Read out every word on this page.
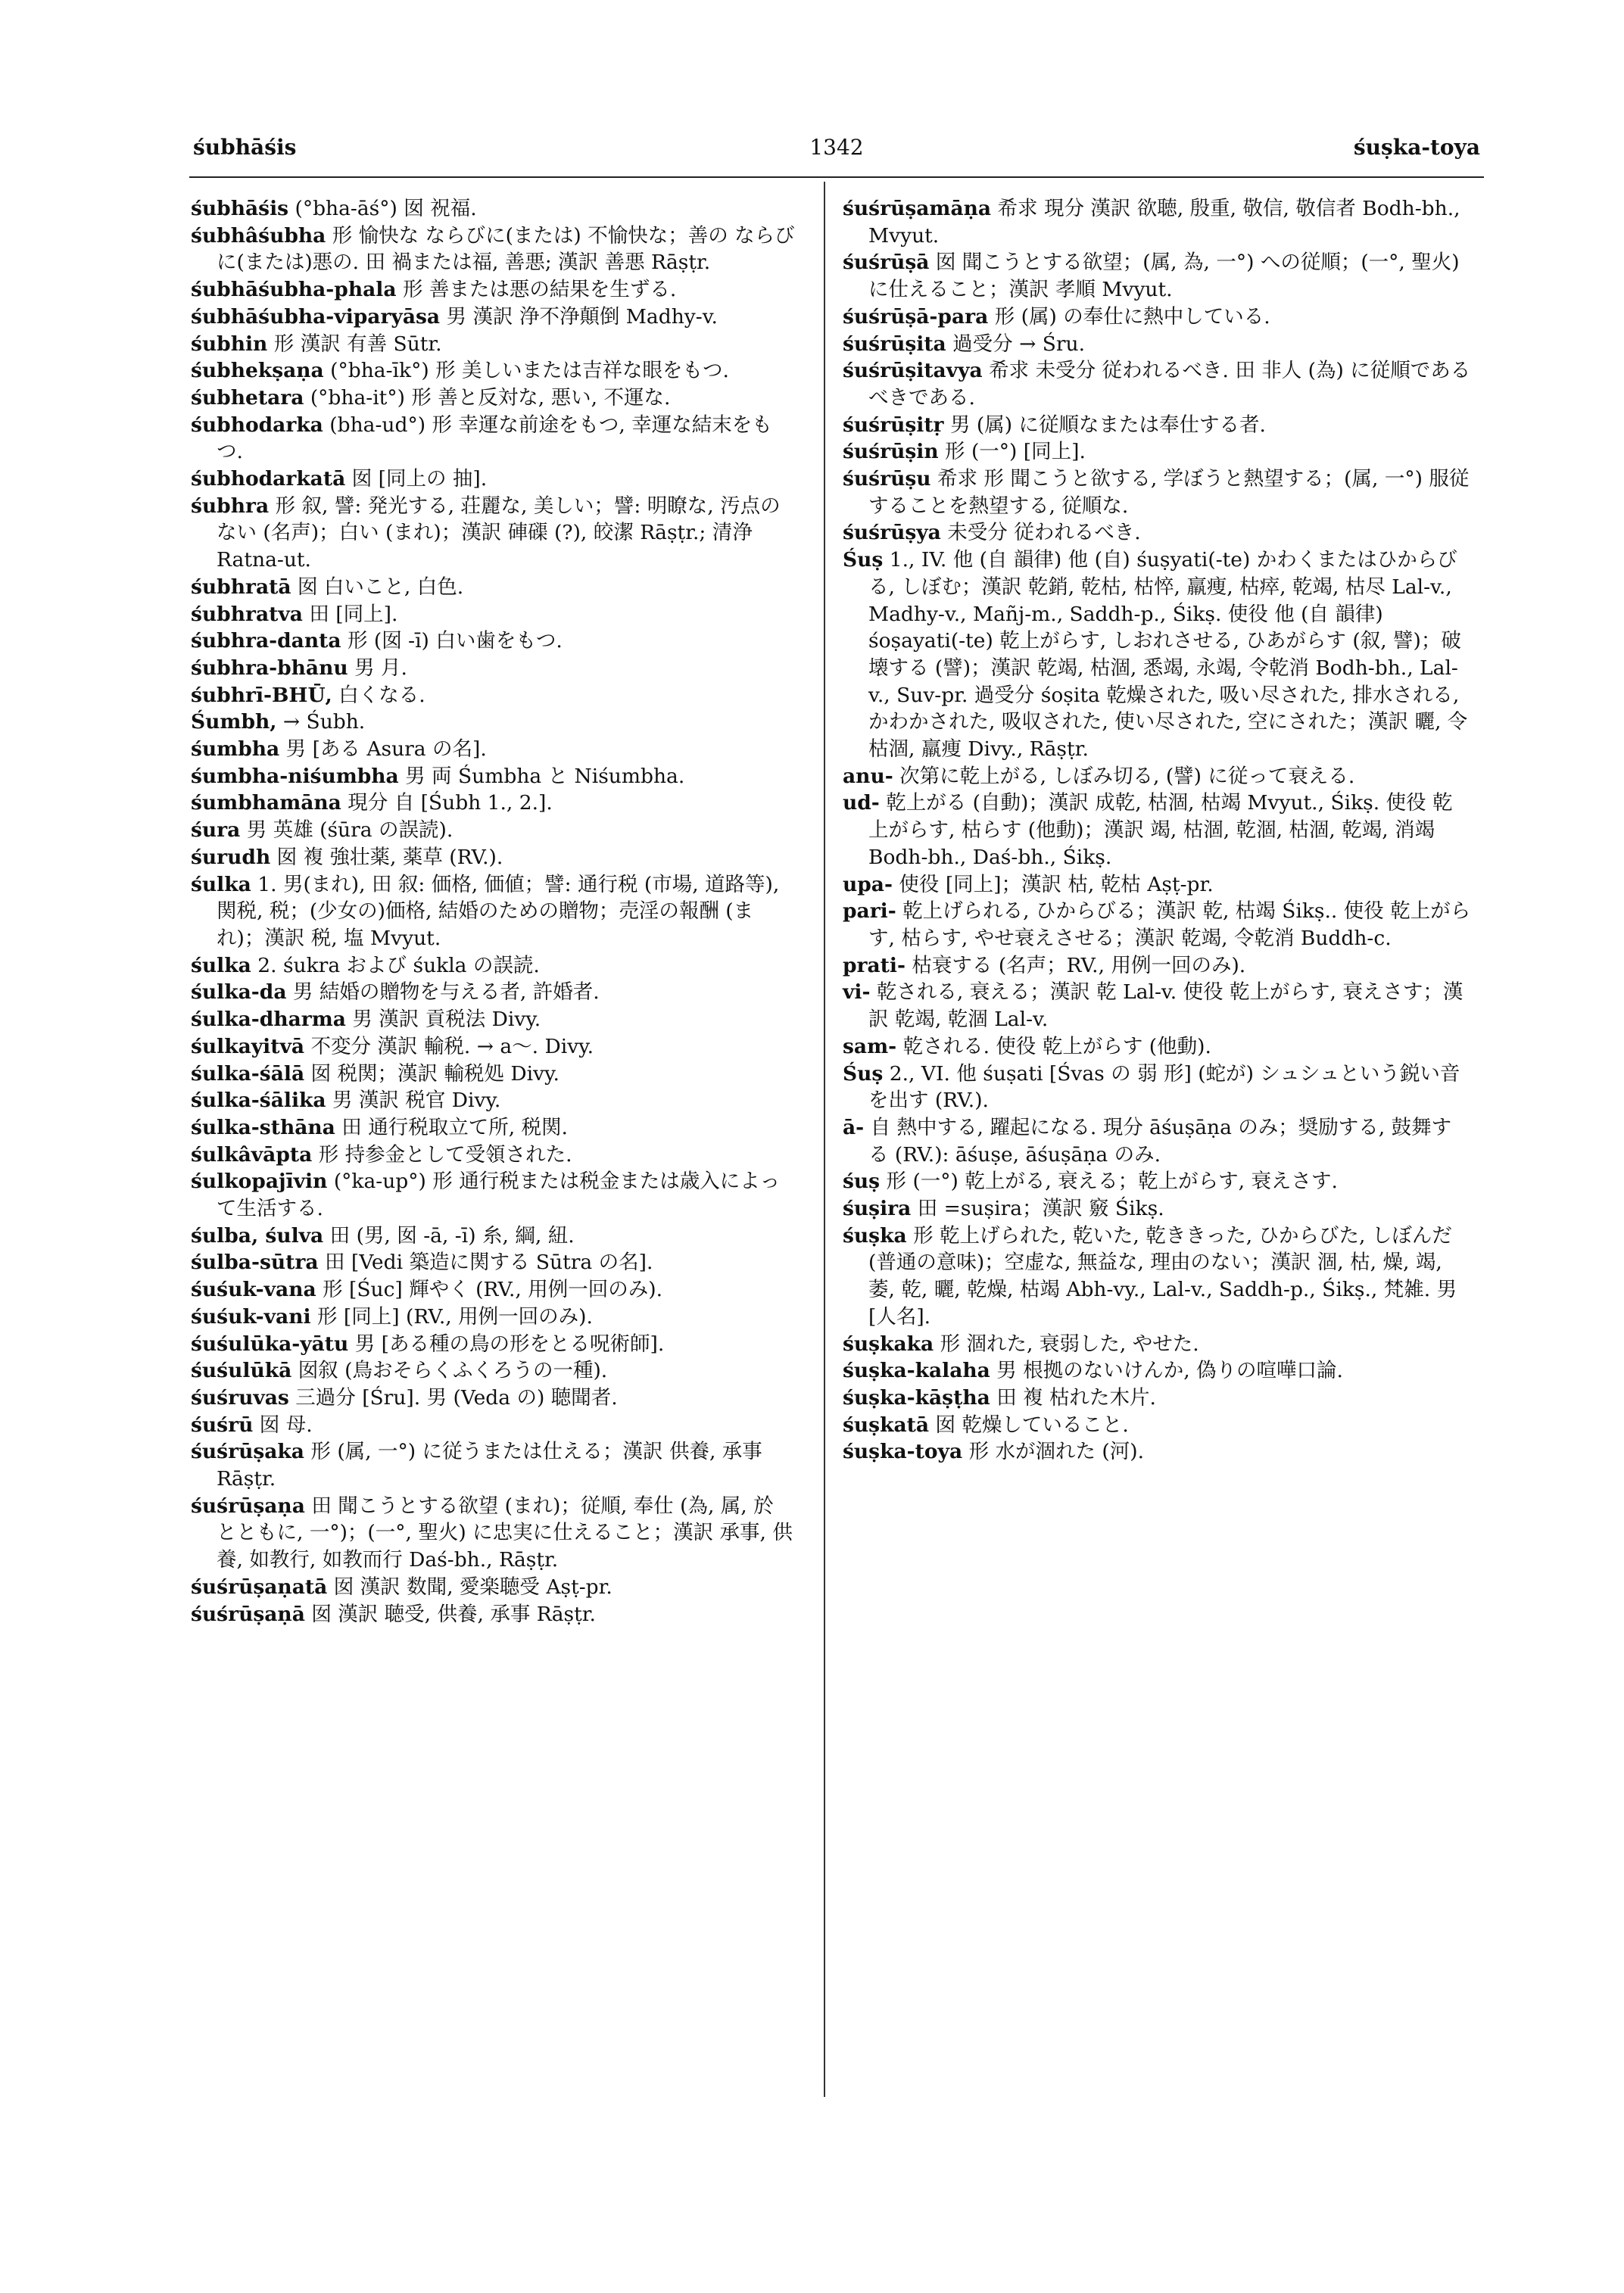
śubhāśis	1342	śuṣka-toya

śubhāśis (°bha-āś°) 囡 祝福.

śubhâśubha 形 愉快な ならびに(または) 不愉快な；善の ならびに(または)悪の. 田 禍または福, 善悪; 漢訳 善悪 Rāṣṭr.

śubhāśubha-phala 形 善または悪の結果を生ずる.

śubhāśubha-viparyāsa 男 漢訳 浄不浄顛倒 Madhy-v.

śubhin 形 漢訳 有善 Sūtr.

śubhekṣaṇa (°bha-īk°) 形 美しいまたは吉祥な眼をもつ.

śubhetara (°bha-it°) 形 善と反対な, 悪い, 不運な.

śubhodarka (bha-ud°) 形 幸運な前途をもつ, 幸運な結末をもつ.

śubhodarkatā 囡 [同上の 抽].

śubhra 形 叙, 譬: 発光する, 荘麗な, 美しい；譬: 明瞭な, 汚点のない (名声)；白い (まれ)；漢訳 硨磲 (?), 皎潔 Rāṣṭr.; 清浄 Ratna-ut.

śubhratā 囡 白いこと, 白色.

śubhratva 田 [同上].

śubhra-danta 形 (囡 -ī) 白い歯をもつ.

śubhra-bhānu 男 月.

śubhrī-BHŪ, 白くなる.

Śumbh, → Śubh.

śumbha 男 [ある Asura の名].

śumbha-niśumbha 男 両 Śumbha と Niśumbha.

śumbhamāna 現分 自 [Śubh 1., 2.].

śura 男 英雄 (śūra の誤読).

śurudh 囡 複 強壮薬, 薬草 (RV.).

śulka 1. 男(まれ), 田 叙: 価格, 価値；譬: 通行税 (市場, 道路等), 関税, 税；(少女の)価格, 結婚のための贈物；売淫の報酬 (まれ)；漢訳 税, 塩 Mvyut.

śulka 2. śukra および śukla の誤読.

śulka-da 男 結婚の贈物を与える者, 許婚者.

śulka-dharma 男 漢訳 貢税法 Divy.

śulkayitvā 不変分 漢訳 輸税. → a～. Divy.

śulka-śālā 囡 税関；漢訳 輸税処 Divy.

śulka-śālika 男 漢訳 税官 Divy.

śulka-sthāna 田 通行税取立て所, 税関.

śulkâvāpta 形 持参金として受領された.

śulkopajīvin (°ka-up°) 形 通行税または税金または歳入によって生活する.

śulba, śulva 田 (男, 囡 -ā, -ī) 糸, 綱, 紐.

śulba-sūtra 田 [Vedi 築造に関する Sūtra の名].

śuśuk-vana 形 [Śuc] 輝やく (RV., 用例一回のみ).

śuśuk-vani 形 [同上] (RV., 用例一回のみ).

śuśulūka-yātu 男 [ある種の鳥の形をとる呪術師].

śuśulūkā 囡叙 (鳥おそらくふくろうの一種).

śuśruvas 三過分 [Śru]. 男 (Veda の) 聴聞者.

śuśrū 囡 母.

śuśrūṣaka 形 (属, 一°) に従うまたは仕える；漢訳 供養, 承事 Rāṣṭr.

śuśrūṣaṇa 田 聞こうとする欲望 (まれ)；従順, 奉仕 (為, 属, 於 とともに, 一°)；(一°, 聖火) に忠実に仕えること；漢訳 承事, 供養, 如教行, 如教而行 Daś-bh., Rāṣṭr.

śuśrūṣaṇatā 囡 漢訳 数聞, 愛楽聴受 Aṣṭ-pr.

śuśrūṣaṇā 囡 漢訳 聴受, 供養, 承事 Rāṣṭr.

śuśrūṣamāṇa 希求 現分 漢訳 欲聴, 殷重, 敬信, 敬信者 Bodh-bh., Mvyut.

śuśrūṣā 囡 聞こうとする欲望；(属, 為, 一°) への従順；(一°, 聖火) に仕えること；漢訳 孝順 Mvyut.

śuśrūṣā-para 形 (属) の奉仕に熱中している.

śuśrūṣita 過受分 → Śru.

śuśrūṣitavya 希求 未受分 従われるべき. 田 非人 (為) に従順であるべきである.

śuśrūṣitṛ 男 (属) に従順なまたは奉仕する者.

śuśrūṣin 形 (一°) [同上].

śuśrūṣu 希求 形 聞こうと欲する, 学ぼうと熱望する；(属, 一°) 服従することを熱望する, 従順な.

śuśrūṣya 未受分 従われるべき.

Śuṣ 1., IV. 他 (自 韻律) 他 (自) śuṣyati(-te) かわくまたはひからびる, しぼむ；漢訳 乾銷, 乾枯, 枯悴, 羸痩, 枯瘁, 乾竭, 枯尽 Lal-v., Madhy-v., Mañj-m., Saddh-p., Śikṣ. 使役 他 (自 韻律) śoṣayati(-te) 乾上がらす, しおれさせる, ひあがらす (叙, 譬)；破壊する (譬)；漢訳 乾竭, 枯涸, 悉竭, 永竭, 令乾消 Bodh-bh., Lal-v., Suv-pr. 過受分 śoṣita 乾燥された, 吸い尽された, 排水される, かわかされた, 吸収された, 使い尽された, 空にされた；漢訳 曬, 令枯涸, 羸痩 Divy., Rāṣṭr.

anu- 次第に乾上がる, しぼみ切る, (譬) に従って衰える.

ud- 乾上がる (自動)；漢訳 成乾, 枯涸, 枯竭 Mvyut., Śikṣ. 使役 乾上がらす, 枯らす (他動)；漢訳 竭, 枯涸, 乾涸, 枯涸, 乾竭, 消竭 Bodh-bh., Daś-bh., Śikṣ.

upa- 使役 [同上]；漢訳 枯, 乾枯 Aṣṭ-pr.

pari- 乾上げられる, ひからびる；漢訳 乾, 枯竭 Śikṣ.. 使役 乾上がらす, 枯らす, やせ衰えさせる；漢訳 乾竭, 令乾消 Buddh-c.

prati- 枯衰する (名声；RV., 用例一回のみ).

vi- 乾される, 衰える；漢訳 乾 Lal-v. 使役 乾上がらす, 衰えさす；漢訳 乾竭, 乾涸 Lal-v.

sam- 乾される. 使役 乾上がらす (他動).

Śuṣ 2., VI. 他 śuṣati [Śvas の 弱 形] (蛇が) シュシュという鋭い音を出す (RV.).

ā- 自 熱中する, 躍起になる. 現分 āśuṣāṇa のみ；奨励する, 鼓舞する (RV.): āśuṣe, āśuṣāṇa のみ.

śuṣ 形 (一°) 乾上がる, 衰える；乾上がらす, 衰えさす.

śuṣira 田 =suṣira；漢訳 竅 Śikṣ.

śuṣka 形 乾上げられた, 乾いた, 乾ききった, ひからびた, しぼんだ (普通の意味)；空虚な, 無益な, 理由のない；漢訳 涸, 枯, 燥, 竭, 萎, 乾, 曬, 乾燥, 枯竭 Abh-vy., Lal-v., Saddh-p., Śikṣ., 梵雑. 男 [人名].

śuṣkaka 形 涸れた, 衰弱した, やせた.

śuṣka-kalaha 男 根拠のないけんか, 偽りの喧嘩口論.

śuṣka-kāṣṭha 田 複 枯れた木片.

śuṣkatā 囡 乾燥していること.

śuṣka-toya 形 水が涸れた (河).
